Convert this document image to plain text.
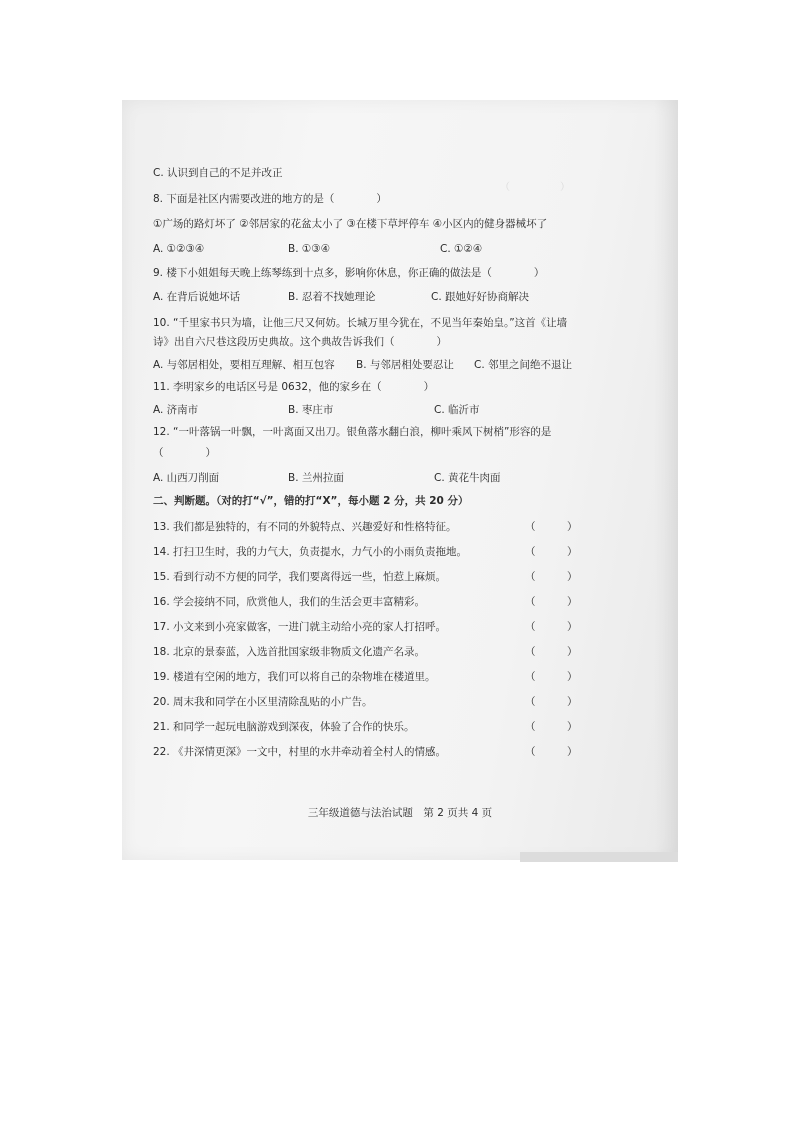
（　　　　　）

C. 认识到自己的不足并改正
8. 下面是社区内需要改进的地方的是（　　　　）
①广场的路灯坏了 ②邻居家的花盆太小了 ③在楼下草坪停车 ④小区内的健身器械坏了
A. ①②③④	B. ①③④	C. ①②④
9. 楼下小姐姐每天晚上练琴练到十点多，影响你休息，你正确的做法是（　　　　）
A. 在背后说她坏话	B. 忍着不找她理论	C. 跟她好好协商解决
10. “千里家书只为墙，让他三尺又何妨。长城万里今犹在，不见当年秦始皇。”这首《让墙
诗》出自六尺巷这段历史典故。这个典故告诉我们（　　　　）
A. 与邻居相处，要相互理解、相互包容 B. 与邻居相处要忍让 C. 邻里之间绝不退让
11. 李明家乡的电话区号是 0632，他的家乡在（　　　　）
A. 济南市	B. 枣庄市	C. 临沂市
12. “一叶落锅一叶飘，一叶离面又出刀。银鱼落水翻白浪，柳叶乘风下树梢”形容的是
（　　　　）
A. 山西刀削面	B. 兰州拉面	C. 黄花牛肉面
二、判断题。（对的打“√”，错的打“X”，每小题 2 分，共 20 分）
13. 我们都是独特的，有不同的外貌特点、兴趣爱好和性格特征。	（　　　）
14. 打扫卫生时，我的力气大，负责提水，力气小的小雨负责拖地。	（　　　）
15. 看到行动不方便的同学，我们要离得远一些，怕惹上麻烦。	（　　　）
16. 学会接纳不同，欣赏他人，我们的生活会更丰富精彩。	（　　　）
17. 小文来到小亮家做客，一进门就主动给小亮的家人打招呼。	（　　　）
18. 北京的景泰蓝，入选首批国家级非物质文化遗产名录。	（　　　）
19. 楼道有空闲的地方，我们可以将自己的杂物堆在楼道里。	（　　　）
20. 周末我和同学在小区里清除乱贴的小广告。	（　　　）
21. 和同学一起玩电脑游戏到深夜，体验了合作的快乐。	（　　　）
22. 《井深情更深》一文中，村里的水井牵动着全村人的情感。	（　　　）
三年级道德与法治试题　第 2 页共 4 页
